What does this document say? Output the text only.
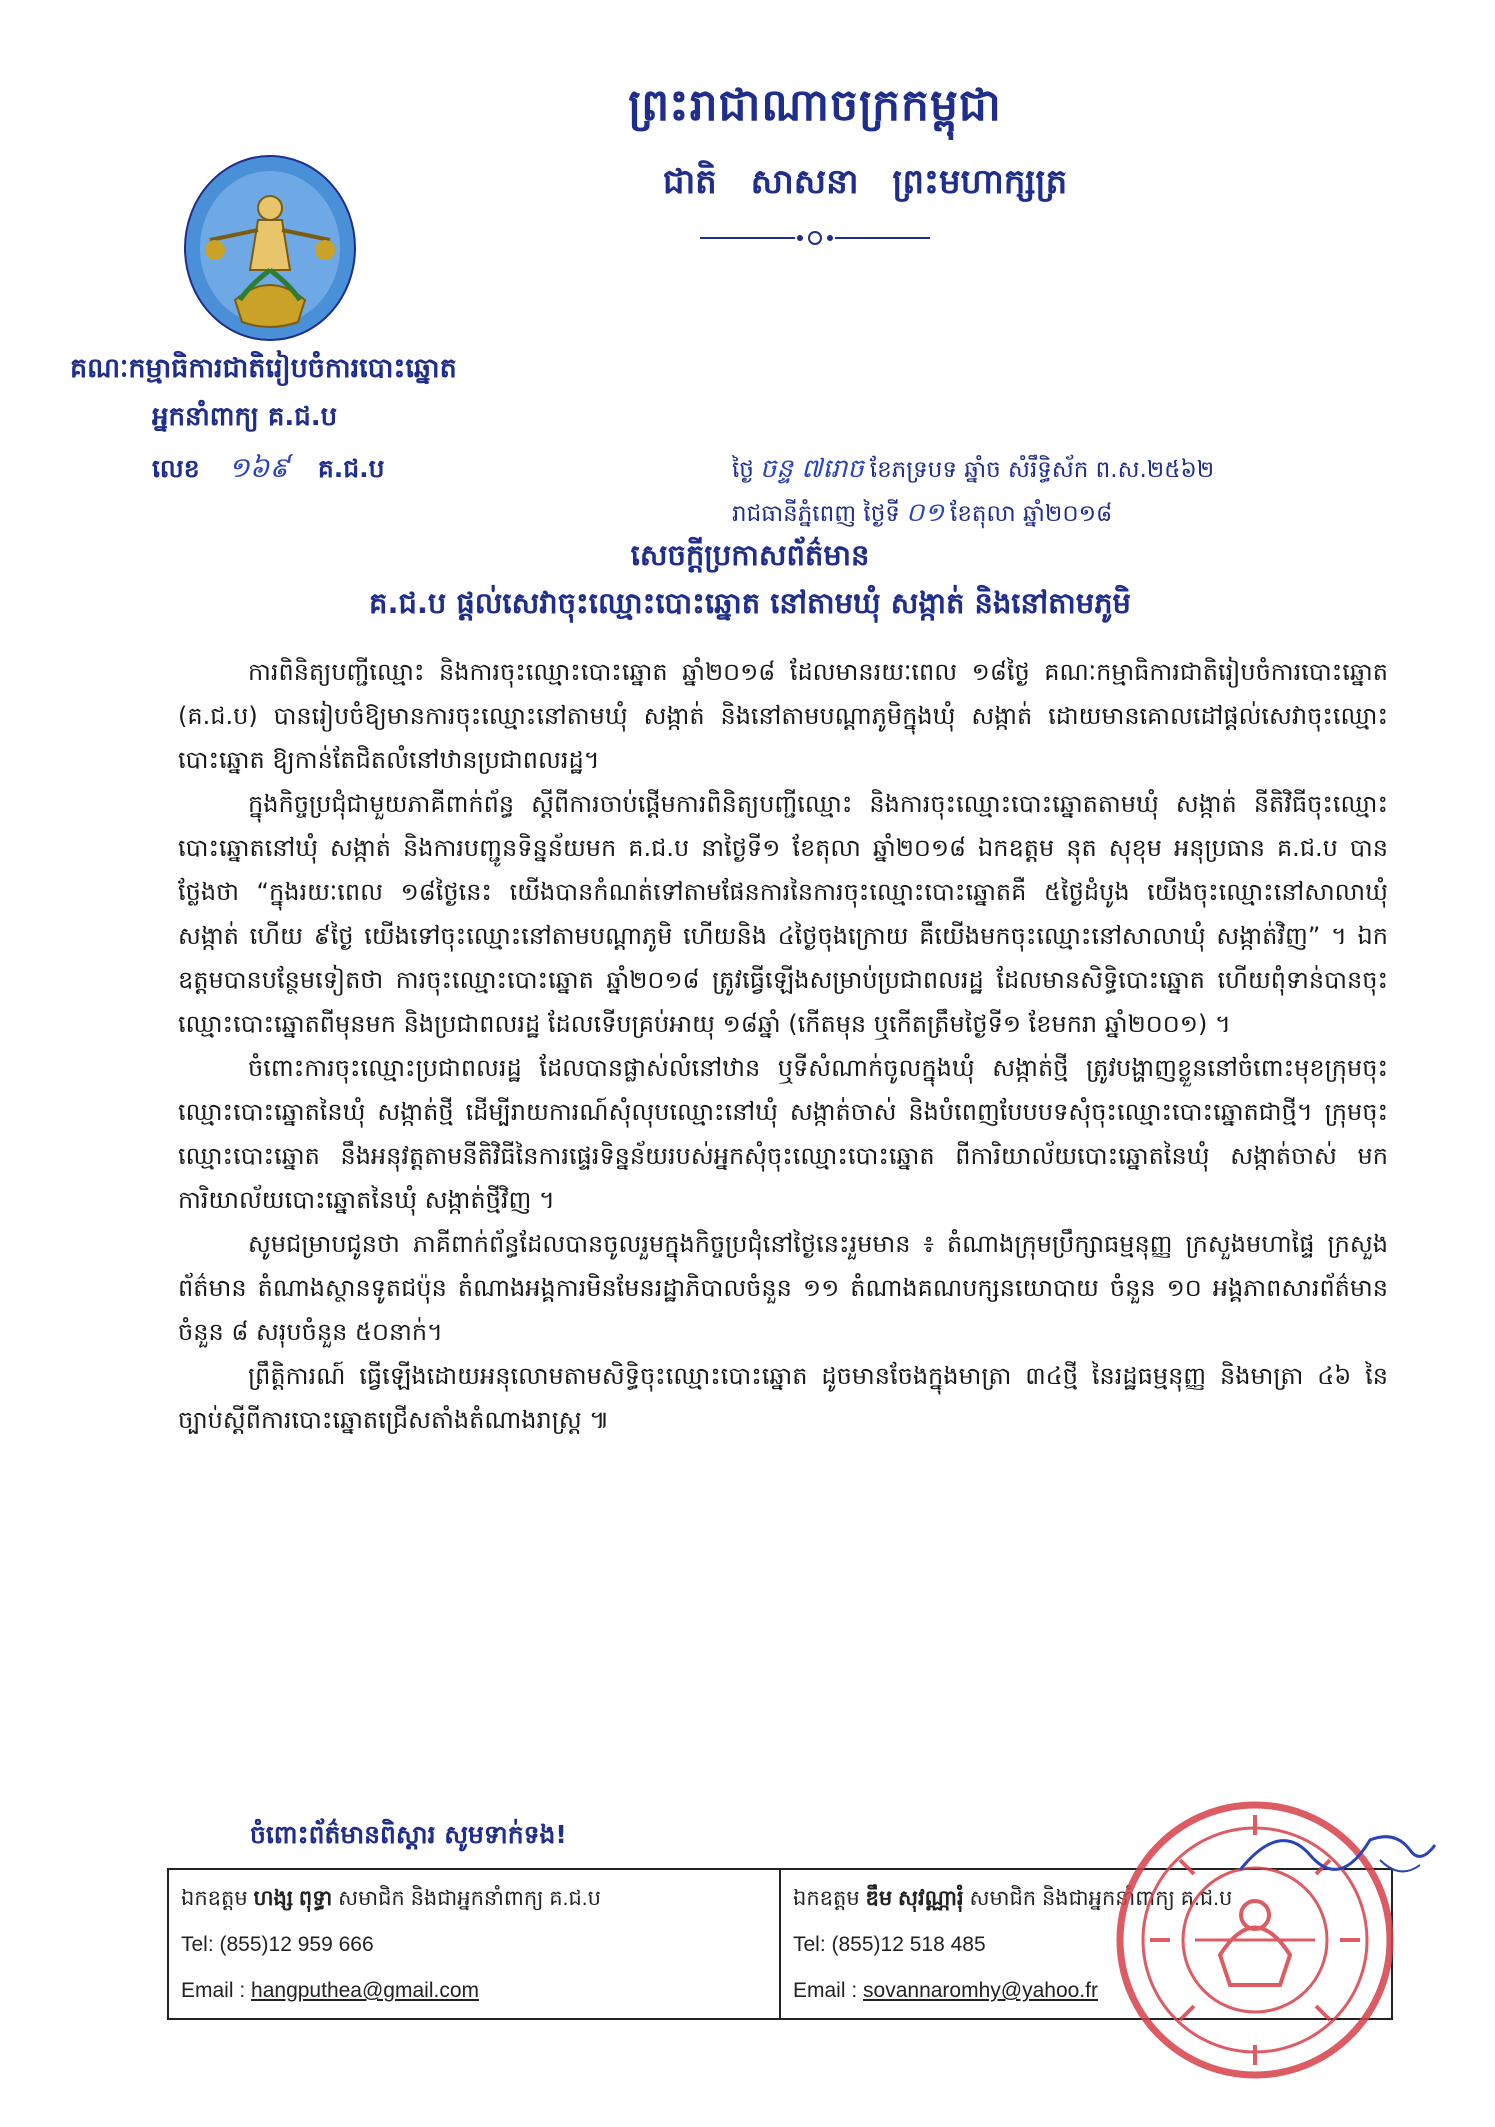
ព្រះរាជាណាចក្រកម្ពុជា
ជាតិ សាសនា ព្រះមហាក្សត្រ
គណៈកម្មាធិការជាតិរៀបចំការបោះឆ្នោត
អ្នកនាំពាក្យ គ.ជ.ប
លេខ ១៦៩ គ.ជ.ប	ថ្ងៃ ចន្ទ ៧រោច ខែភទ្របទ ឆ្នាំច សំរឹទ្ធិស័ក ព.ស.២៥៦២
រាជធានីភ្នំពេញ ថ្ងៃទី ០១ ខែតុលា ឆ្នាំ២០១៨
សេចក្តីប្រកាសព័ត៌មាន
គ.ជ.ប ផ្តល់សេវាចុះឈ្មោះបោះឆ្នោត នៅតាមឃុំ សង្កាត់ និងនៅតាមភូមិ

ការពិនិត្យបញ្ជីឈ្មោះ និងការចុះឈ្មោះបោះឆ្នោត ឆ្នាំ២០១៨ ដែលមានរយៈពេល ១៨ថ្ងៃ គណៈកម្មាធិការជាតិរៀបចំការបោះឆ្នោត (គ.ជ.ប) បានរៀបចំឱ្យមានការចុះឈ្មោះនៅតាមឃុំ សង្កាត់ និងនៅតាមបណ្តាភូមិក្នុងឃុំ សង្កាត់ ដោយមានគោលដៅផ្តល់សេវាចុះឈ្មោះបោះឆ្នោត ឱ្យកាន់តែជិតលំនៅឋានប្រជាពលរដ្ឋ។

ក្នុងកិច្ចប្រជុំជាមួយភាគីពាក់ព័ន្ធ ស្តីពីការចាប់ផ្តើមការពិនិត្យបញ្ជីឈ្មោះ និងការចុះឈ្មោះបោះឆ្នោតតាមឃុំ សង្កាត់ នីតិវិធីចុះឈ្មោះបោះឆ្នោតនៅឃុំ សង្កាត់ និងការបញ្ជូនទិន្នន័យមក គ.ជ.ប នាថ្ងៃទី១ ខែតុលា ឆ្នាំ២០១៨ ឯកឧត្តម នុត សុខុម អនុប្រធាន គ.ជ.ប បានថ្លែងថា “ក្នុងរយៈពេល ១៨ថ្ងៃនេះ យើងបានកំណត់ទៅតាមផែនការនៃការចុះឈ្មោះបោះឆ្នោតគឺ ៥ថ្ងៃដំបូង យើងចុះឈ្មោះនៅសាលាឃុំ សង្កាត់ ហើយ ៩ថ្ងៃ យើងទៅចុះឈ្មោះនៅតាមបណ្តាភូមិ ហើយនិង ៤ថ្ងៃចុងក្រោយ គឺយើងមកចុះឈ្មោះនៅសាលាឃុំ សង្កាត់វិញ” ។ ឯកឧត្តមបានបន្ថែមទៀតថា ការចុះឈ្មោះបោះឆ្នោត ឆ្នាំ២០១៨ ត្រូវធ្វើឡើងសម្រាប់ប្រជាពលរដ្ឋ ដែលមានសិទ្ធិបោះឆ្នោត ហើយពុំទាន់បានចុះឈ្មោះបោះឆ្នោតពីមុនមក និងប្រជាពលរដ្ឋ ដែលទើបគ្រប់អាយុ ១៨ឆ្នាំ (កើតមុន ឬកើតត្រឹមថ្ងៃទី១ ខែមករា ឆ្នាំ២០០១) ។

ចំពោះការចុះឈ្មោះប្រជាពលរដ្ឋ ដែលបានផ្លាស់លំនៅឋាន ឬទីសំណាក់ចូលក្នុងឃុំ សង្កាត់ថ្មី ត្រូវបង្ហាញខ្លួននៅចំពោះមុខក្រុមចុះឈ្មោះបោះឆ្នោតនៃឃុំ សង្កាត់ថ្មី ដើម្បីរាយការណ៍សុំលុបឈ្មោះនៅឃុំ សង្កាត់ចាស់ និងបំពេញបែបបទសុំចុះឈ្មោះបោះឆ្នោតជាថ្មី។ ក្រុមចុះឈ្មោះបោះឆ្នោត នឹងអនុវត្តតាមនីតិវិធីនៃការផ្ទេរទិន្នន័យរបស់អ្នកសុំចុះឈ្មោះបោះឆ្នោត ពីការិយាល័យបោះឆ្នោតនៃឃុំ សង្កាត់ចាស់ មកការិយាល័យបោះឆ្នោតនៃឃុំ សង្កាត់ថ្មីវិញ ។

សូមជម្រាបជូនថា ភាគីពាក់ព័ន្ធដែលបានចូលរួមក្នុងកិច្ចប្រជុំនៅថ្ងៃនេះរួមមាន ៖ តំណាងក្រុមប្រឹក្សាធម្មនុញ្ញ ក្រសួងមហាផ្ទៃ ក្រសួងព័ត៌មាន តំណាងស្ថានទូតជប៉ុន តំណាងអង្គការមិនមែនរដ្ឋាភិបាលចំនួន ១១ តំណាងគណបក្សនយោបាយ ចំនួន ១០ អង្គភាពសារព័ត៌មានចំនួន ៨ សរុបចំនួន ៥០នាក់។

ព្រឹត្តិការណ៍ ធ្វើឡើងដោយអនុលោមតាមសិទ្ធិចុះឈ្មោះបោះឆ្នោត ដូចមានចែងក្នុងមាត្រា ៣៤ថ្មី នៃរដ្ឋធម្មនុញ្ញ និងមាត្រា ៤៦ នៃច្បាប់ស្តីពីការបោះឆ្នោតជ្រើសតាំងតំណាងរាស្ត្រ ៕

ចំពោះព័ត៌មានពិស្តារ សូមទាក់ទង!
ឯកឧត្តម ហង្ស ពុទ្ធា សមាជិក និងជាអ្នកនាំពាក្យ គ.ជ.ប
Tel: (855)12 959 666
Email : hangputhea@gmail.com
ឯកឧត្តម ឌឹម សុវណ្ណារុំ សមាជិក និងជាអ្នកនាំពាក្យ គ.ជ.ប
Tel: (855)12 518 485
Email : sovannaromhy@yahoo.fr
